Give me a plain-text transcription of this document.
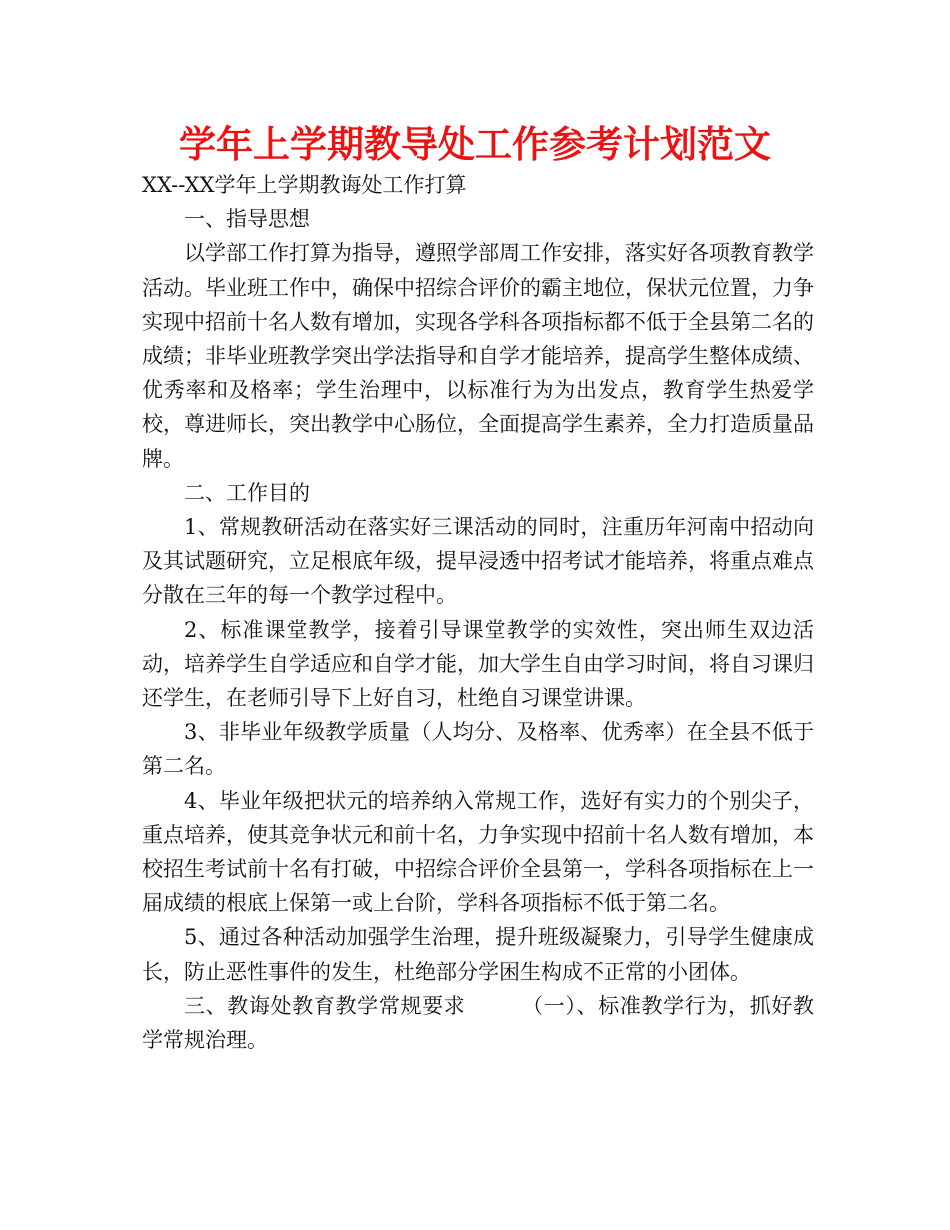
学年上学期教导处工作参考计划范文

XX--XX学年上学期教诲处工作打算

一、指导思想

以学部工作打算为指导，遵照学部周工作安排，落实好各项教育教学活动。毕业班工作中，确保中招综合评价的霸主地位，保状元位置，力争实现中招前十名人数有增加，实现各学科各项指标都不低于全县第二名的成绩；非毕业班教学突出学法指导和自学才能培养，提高学生整体成绩、优秀率和及格率；学生治理中，以标准行为为出发点，教育学生热爱学校，尊进师长，突出教学中心肠位，全面提高学生素养，全力打造质量品牌。

二、工作目的

1、常规教研活动在落实好三课活动的同时，注重历年河南中招动向及其试题研究，立足根底年级，提早浸透中招考试才能培养，将重点难点分散在三年的每一个教学过程中。

2、标准课堂教学，接着引导课堂教学的实效性，突出师生双边活动，培养学生自学适应和自学才能，加大学生自由学习时间，将自习课归还学生，在老师引导下上好自习，杜绝自习课堂讲课。

3、非毕业年级教学质量（人均分、及格率、优秀率）在全县不低于第二名。

4、毕业年级把状元的培养纳入常规工作，选好有实力的个别尖子，重点培养，使其竞争状元和前十名，力争实现中招前十名人数有增加，本校招生考试前十名有打破，中招综合评价全县第一，学科各项指标在上一届成绩的根底上保第一或上台阶，学科各项指标不低于第二名。

5、通过各种活动加强学生治理，提升班级凝聚力，引导学生健康成长，防止恶性事件的发生，杜绝部分学困生构成不正常的小团体。

三、教诲处教育教学常规要求	（一）、标准教学行为，抓好教学常规治理。
